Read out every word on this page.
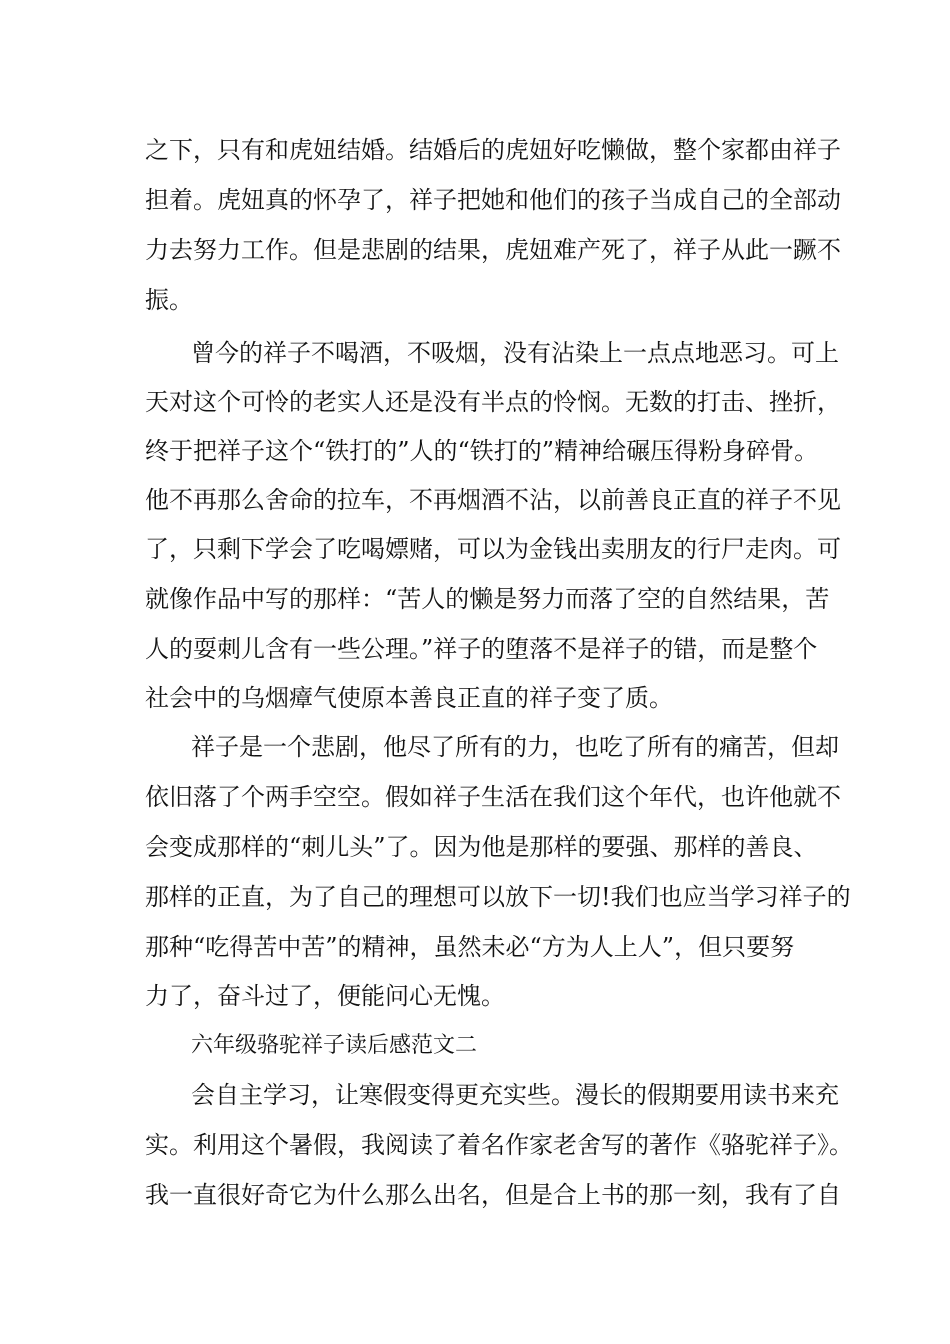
之下，只有和虎妞结婚。结婚后的虎妞好吃懒做，整个家都由祥子
担着。虎妞真的怀孕了，祥子把她和他们的孩子当成自己的全部动
力去努力工作。但是悲剧的结果，虎妞难产死了，祥子从此一蹶不
振。
曾今的祥子不喝酒，不吸烟，没有沾染上一点点地恶习。可上
天对这个可怜的老实人还是没有半点的怜悯。无数的打击、挫折，
终于把祥子这个“铁打的”人的“铁打的”精神给碾压得粉身碎骨。
他不再那么舍命的拉车，不再烟酒不沾，以前善良正直的祥子不见
了，只剩下学会了吃喝嫖赌，可以为金钱出卖朋友的行尸走肉。可
就像作品中写的那样：“苦人的懒是努力而落了空的自然结果，苦
人的耍刺儿含有一些公理。”祥子的堕落不是祥子的错，而是整个
社会中的乌烟瘴气使原本善良正直的祥子变了质。
祥子是一个悲剧，他尽了所有的力，也吃了所有的痛苦，但却
依旧落了个两手空空。假如祥子生活在我们这个年代，也许他就不
会变成那样的“刺儿头”了。因为他是那样的要强、那样的善良、
那样的正直，为了自己的理想可以放下一切!我们也应当学习祥子的
那种“吃得苦中苦”的精神，虽然未必“方为人上人”，但只要努
力了，奋斗过了，便能问心无愧。
六年级骆驼祥子读后感范文二
会自主学习，让寒假变得更充实些。漫长的假期要用读书来充
实。利用这个暑假，我阅读了着名作家老舍写的著作《骆驼祥子》。
我一直很好奇它为什么那么出名，但是合上书的那一刻，我有了自
